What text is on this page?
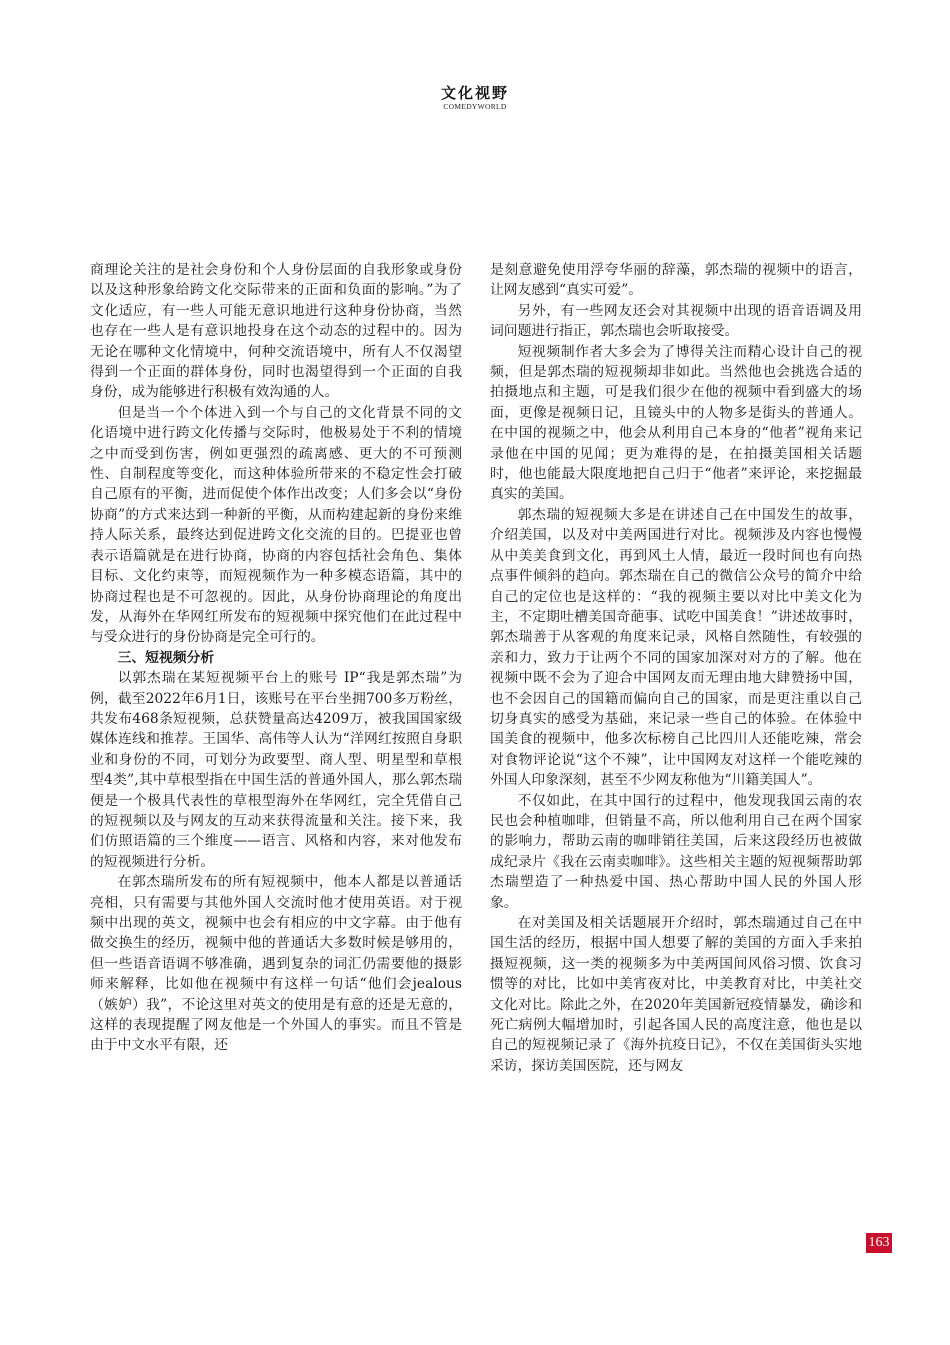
文化视野
COMEDYWORLD

商理论关注的是社会身份和个人身份层面的自我形象或身份以及这种形象给跨文化交际带来的正面和负面的影响。”为了文化适应，有一些人可能无意识地进行这种身份协商，当然也存在一些人是有意识地投身在这个动态的过程中的。因为无论在哪种文化情境中，何种交流语境中，所有人不仅渴望得到一个正面的群体身份，同时也渴望得到一个正面的自我身份，成为能够进行积极有效沟通的人。

但是当一个个体进入到一个与自己的文化背景不同的文化语境中进行跨文化传播与交际时，他极易处于不利的情境之中而受到伤害，例如更强烈的疏离感、更大的不可预测性、自制程度等变化，而这种体验所带来的不稳定性会打破自己原有的平衡，进而促使个体作出改变；人们多会以“身份协商”的方式来达到一种新的平衡，从而构建起新的身份来维持人际关系，最终达到促进跨文化交流的目的。巴提亚也曾表示语篇就是在进行协商，协商的内容包括社会角色、集体目标、文化约束等，而短视频作为一种多模态语篇，其中的协商过程也是不可忽视的。因此，从身份协商理论的角度出发，从海外在华网红所发布的短视频中探究他们在此过程中与受众进行的身份协商是完全可行的。

三、短视频分析

以郭杰瑞在某短视频平台上的账号 IP“我是郭杰瑞”为例，截至2022年6月1日，该账号在平台坐拥700多万粉丝，共发布468条短视频，总获赞量高达4209万，被我国国家级媒体连线和推荐。王国华、高伟等人认为“洋网红按照自身职业和身份的不同，可划分为政要型、商人型、明星型和草根型4类”,其中草根型指在中国生活的普通外国人，那么郭杰瑞便是一个极具代表性的草根型海外在华网红，完全凭借自己的短视频以及与网友的互动来获得流量和关注。接下来，我们仿照语篇的三个维度——语言、风格和内容，来对他发布的短视频进行分析。

在郭杰瑞所发布的所有短视频中，他本人都是以普通话亮相，只有需要与其他外国人交流时他才使用英语。对于视频中出现的英文，视频中也会有相应的中文字幕。由于他有做交换生的经历，视频中他的普通话大多数时候是够用的，但一些语音语调不够准确，遇到复杂的词汇仍需要他的摄影师来解释，比如他在视频中有这样一句话“他们会jealous（嫉妒）我”，不论这里对英文的使用是有意的还是无意的，这样的表现提醒了网友他是一个外国人的事实。而且不管是由于中文水平有限，还

是刻意避免使用浮夸华丽的辞藻，郭杰瑞的视频中的语言，让网友感到“真实可爱”。

另外，有一些网友还会对其视频中出现的语音语调及用词问题进行指正，郭杰瑞也会听取接受。

短视频制作者大多会为了博得关注而精心设计自己的视频，但是郭杰瑞的短视频却非如此。当然他也会挑选合适的拍摄地点和主题，可是我们很少在他的视频中看到盛大的场面，更像是视频日记，且镜头中的人物多是街头的普通人。在中国的视频之中，他会从利用自己本身的“他者”视角来记录他在中国的见闻；更为难得的是，在拍摄美国相关话题时，他也能最大限度地把自己归于“他者”来评论，来挖掘最真实的美国。

郭杰瑞的短视频大多是在讲述自己在中国发生的故事，介绍美国，以及对中美两国进行对比。视频涉及内容也慢慢从中美美食到文化，再到风土人情，最近一段时间也有向热点事件倾斜的趋向。郭杰瑞在自己的微信公众号的简介中给自己的定位也是这样的：“我的视频主要以对比中美文化为主，不定期吐槽美国奇葩事、试吃中国美食！”讲述故事时，郭杰瑞善于从客观的角度来记录，风格自然随性，有较强的亲和力，致力于让两个不同的国家加深对对方的了解。他在视频中既不会为了迎合中国网友而无理由地大肆赞扬中国，也不会因自己的国籍而偏向自己的国家，而是更注重以自己切身真实的感受为基础，来记录一些自己的体验。在体验中国美食的视频中，他多次标榜自己比四川人还能吃辣，常会对食物评论说“这个不辣”，让中国网友对这样一个能吃辣的外国人印象深刻，甚至不少网友称他为“川籍美国人”。

不仅如此，在其中国行的过程中，他发现我国云南的农民也会种植咖啡，但销量不高，所以他利用自己在两个国家的影响力，帮助云南的咖啡销往美国，后来这段经历也被做成纪录片《我在云南卖咖啡》。这些相关主题的短视频帮助郭杰瑞塑造了一种热爱中国、热心帮助中国人民的外国人形象。

在对美国及相关话题展开介绍时，郭杰瑞通过自己在中国生活的经历，根据中国人想要了解的美国的方面入手来拍摄短视频，这一类的视频多为中美两国间风俗习惯、饮食习惯等的对比，比如中美宵夜对比，中美教育对比，中美社交文化对比。除此之外，在2020年美国新冠疫情暴发，确诊和死亡病例大幅增加时，引起各国人民的高度注意，他也是以自己的短视频记录了《海外抗疫日记》，不仅在美国街头实地采访，探访美国医院，还与网友

163
